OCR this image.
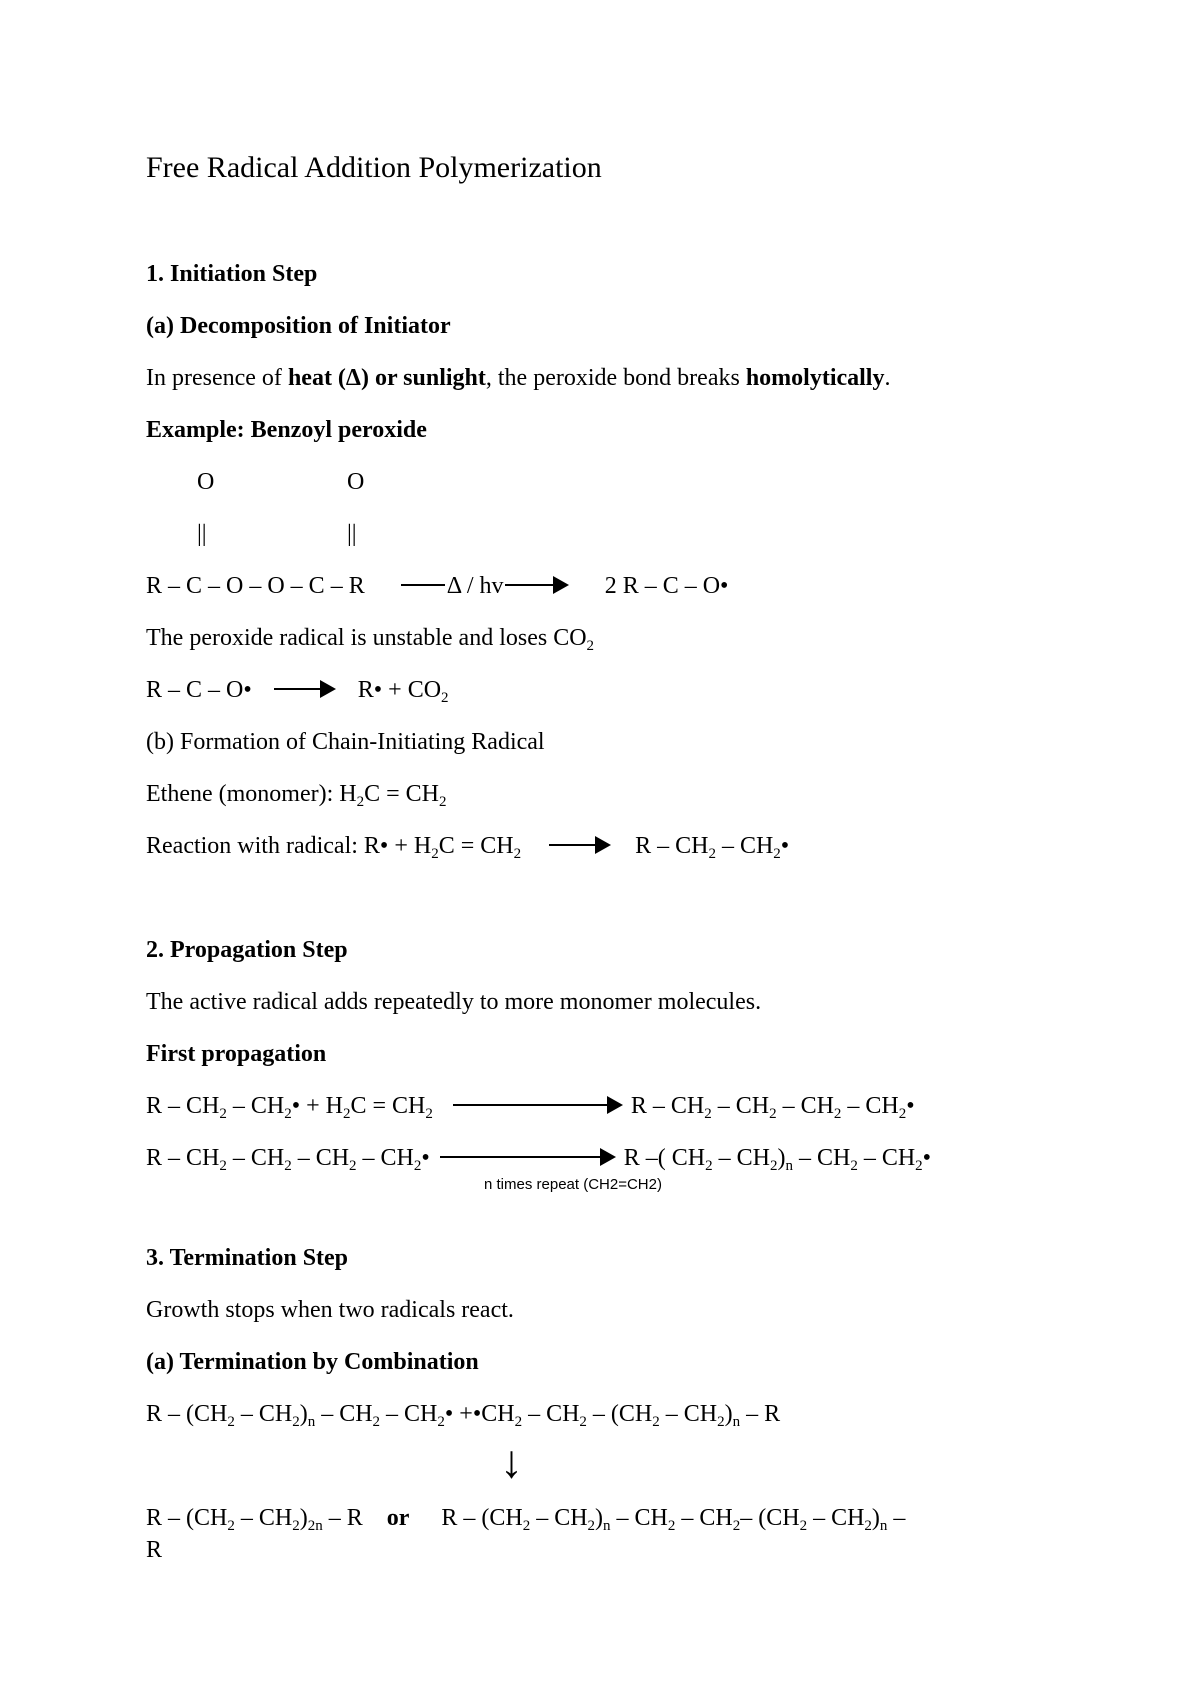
Free Radical Addition Polymerization
1. Initiation Step
(a) Decomposition of Initiator
In presence of heat (Δ) or sunlight, the peroxide bond breaks homolytically.
Example: Benzoyl peroxide
O	O
||	||
R – C – O – O – C – R	Δ / hv	2 R – C – O•
The peroxide radical is unstable and loses $CO_2$
R – C – O•	R• + $CO_2$
(b) Formation of Chain-Initiating Radical
Ethene (monomer): $H_2C = CH_2$
Reaction with radical: R• + $H_2C = CH_2$	R – $CH_2$ – $CH_2•$
2. Propagation Step
The active radical adds repeatedly to more monomer molecules.
First propagation
R – $CH_2$ – $CH_2• + H_2C = CH_2$	R – $CH_2 - CH_2 - CH_2$ – $CH_2•$
R – $CH_2 - CH_2 - CH_2$ – $CH_2•$	R –( $CH_2 - CH_2)_n - CH_2$ – $CH_2•$
n times repeat (CH2=CH2)
3. Termination Step
Growth stops when two radicals react.
(a) Termination by Combination
R – $(CH_2 - CH_2)_n - CH_2$ – $CH_2•$ $+•CH_2 - CH_2 - (CH_2 - CH_2)_n - R$
↓
R – $(CH_2 - CH_2)_{2n}$ – R or R – $(CH_2 - CH_2)_n - CH_2 - CH_2-$ $(CH_2 - CH_2)_n$ –
R
